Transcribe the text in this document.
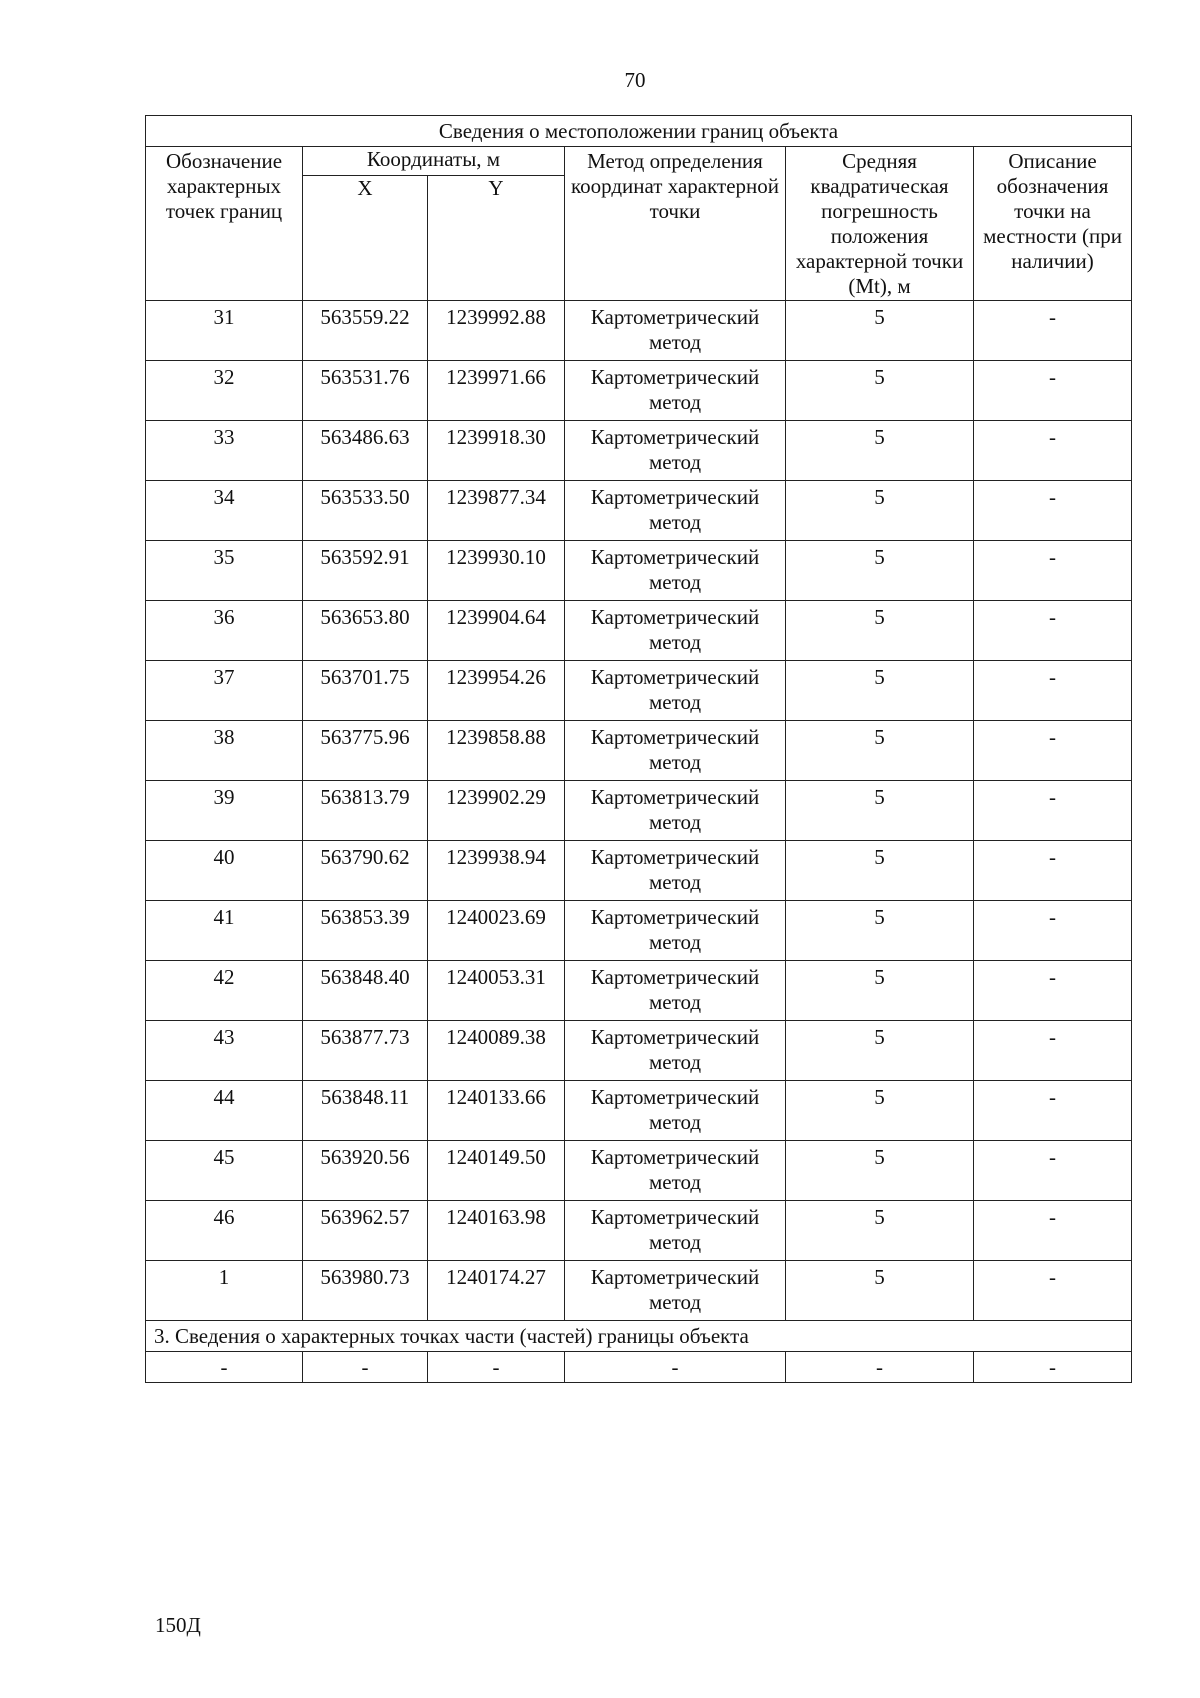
70
Сведения о местоположении границ объекта					
Обозначение характерных точек границ	Координаты, м		Метод определения координат характерной точки	Средняя квадратическая погрешность положения характерной точки (Mt), м	Описание обозначения точки на местности (при наличии)
	X	Y			
31	563559.22	1239992.88	Картометрический метод	5	-
32	563531.76	1239971.66	Картометрический метод	5	-
33	563486.63	1239918.30	Картометрический метод	5	-
34	563533.50	1239877.34	Картометрический метод	5	-
35	563592.91	1239930.10	Картометрический метод	5	-
36	563653.80	1239904.64	Картометрический метод	5	-
37	563701.75	1239954.26	Картометрический метод	5	-
38	563775.96	1239858.88	Картометрический метод	5	-
39	563813.79	1239902.29	Картометрический метод	5	-
40	563790.62	1239938.94	Картометрический метод	5	-
41	563853.39	1240023.69	Картометрический метод	5	-
42	563848.40	1240053.31	Картометрический метод	5	-
43	563877.73	1240089.38	Картометрический метод	5	-
44	563848.11	1240133.66	Картометрический метод	5	-
45	563920.56	1240149.50	Картометрический метод	5	-
46	563962.57	1240163.98	Картометрический метод	5	-
1	563980.73	1240174.27	Картометрический метод	5	-
3. Сведения о характерных точках части (частей) границы объекта					
-	-	-	-	-	-
150Д
